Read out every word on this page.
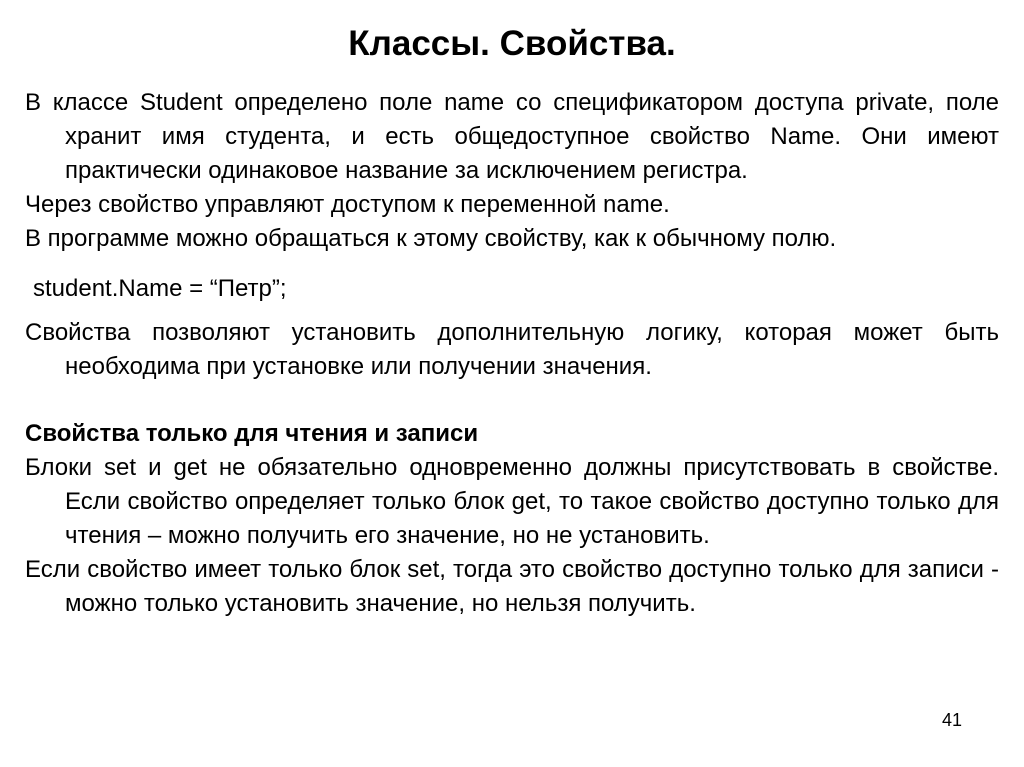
Классы. Свойства.

В классе Student определено поле name со спецификатором доступа private, поле хранит имя студента, и есть общедоступное свойство Name. Они имеют практически одинаковое название за исключением регистра.

Через свойство управляют доступом к переменной name.

В программе можно обращаться к этому свойству, как к обычному полю.

student.Name = “Петр”;

Свойства позволяют установить дополнительную логику, которая может быть необходима при установке или получении значения.

Свойства только для чтения и записи

Блоки set и get не обязательно одновременно должны присутствовать в свойстве. Если свойство определяет только блок get, то такое свойство доступно только для чтения – можно получить его значение, но не установить.

Если свойство имеет только блок set, тогда это свойство доступно только для записи - можно только установить значение, но нельзя получить.

41
